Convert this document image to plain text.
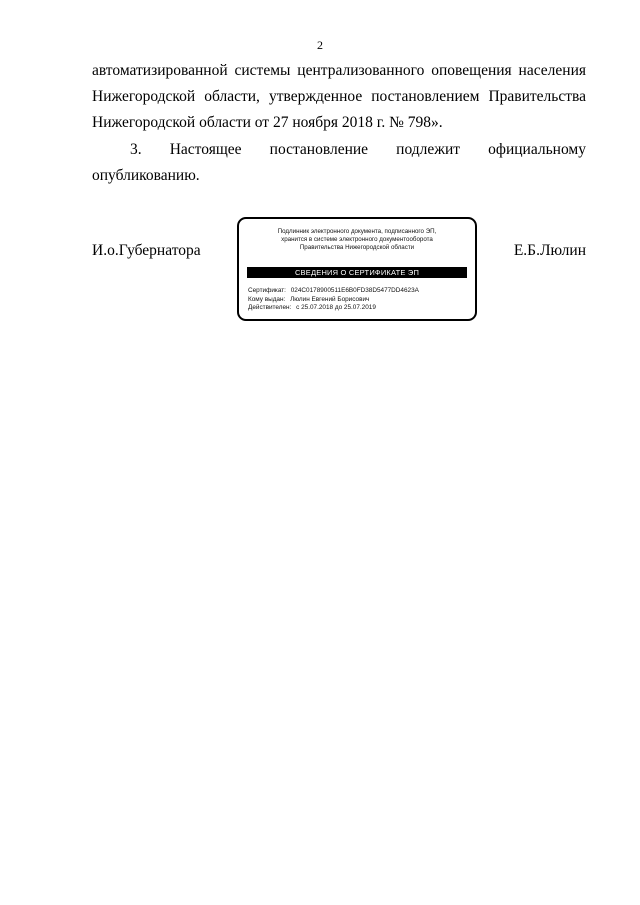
2
автоматизированной системы централизованного оповещения населения
Нижегородской области, утвержденное постановлением Правительства
Нижегородской области от 27 ноября 2018 г. № 798».
3. Настоящее постановление подлежит официальному
опубликованию.
И.о.Губернатора
Подлинник электронного документа, подписанного ЭП,
хранится в системе электронного документооборота
Правительства Нижегородской области
СВЕДЕНИЯ О СЕРТИФИКАТЕ ЭП
Сертификат: 024C0178900511E6B0FD38D5477DD4623A
Кому выдан: Люлин Евгений Борисович
Действителен: с 25.07.2018 до 25.07.2019
Е.Б.Люлин
